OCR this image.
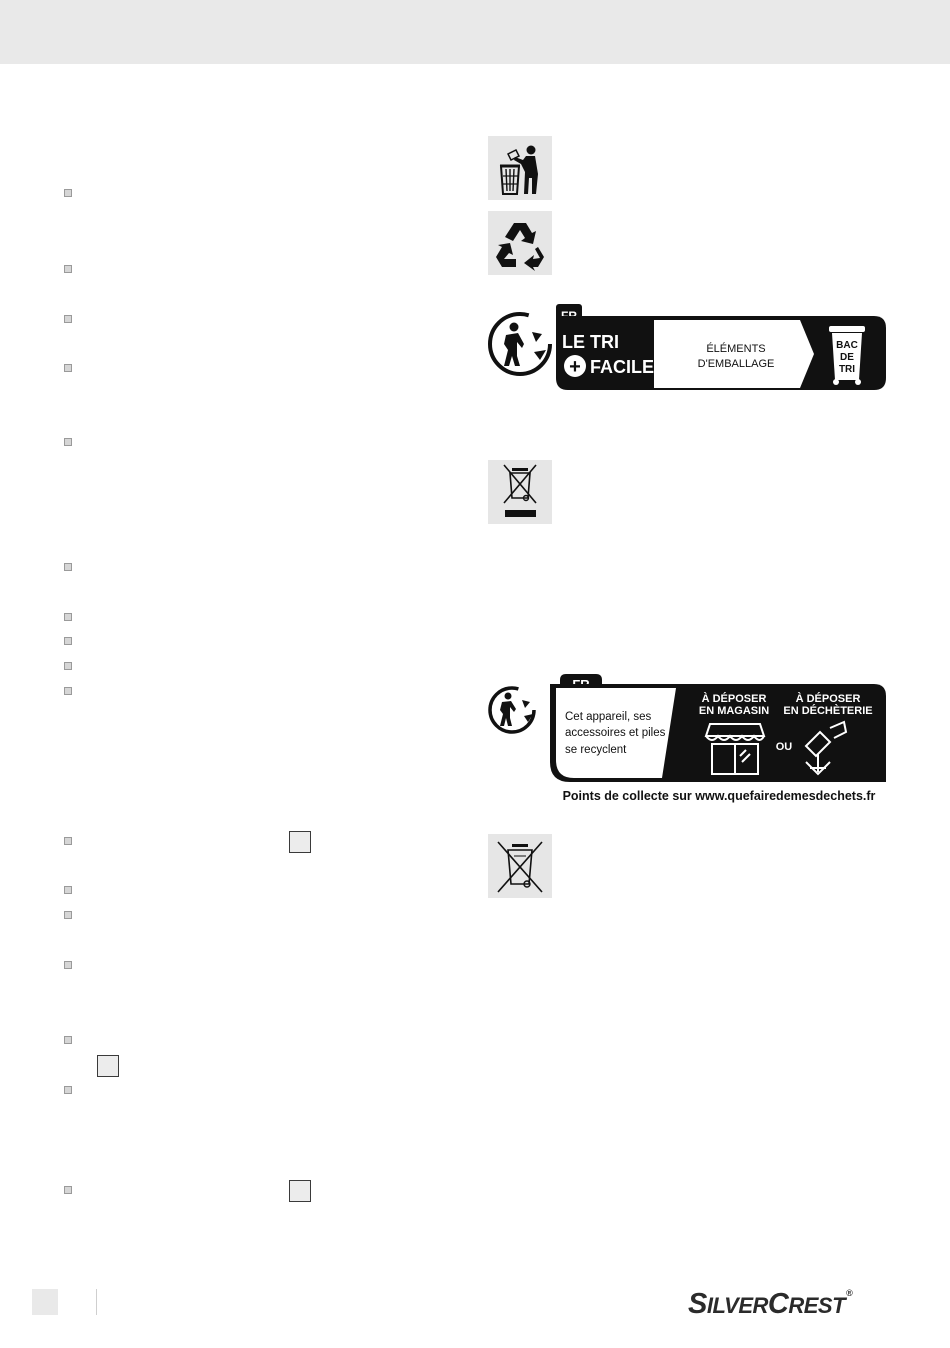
LE TRI
+ FACILE
ÉLÉMENTS
D'EMBALLAGE
BAC
DE
TRI
Cet appareil, ses
accessoires et piles
se recyclent
À DÉPOSER
EN MAGASIN
À DÉPOSER
EN DÉCHÈTERIE
OU
Points de collecte sur www.quefairedemesdechets.fr
SILVERCREST®
